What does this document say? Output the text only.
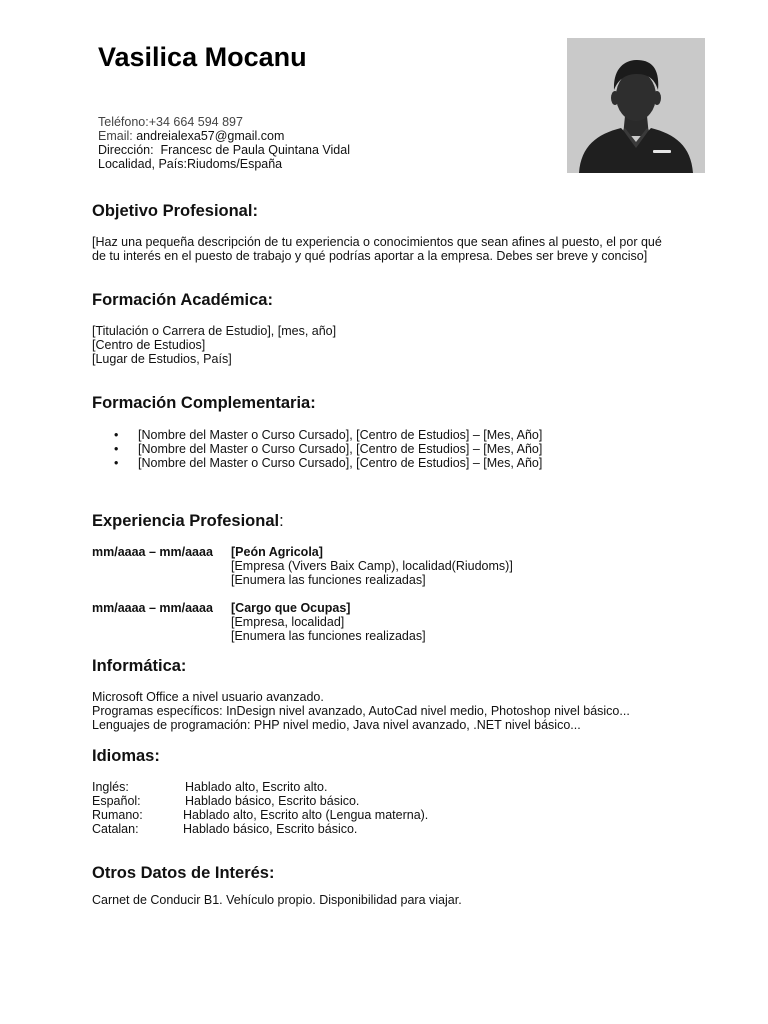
Vasilica Mocanu
Teléfono:+34 664 594 897
Email: andreialexa57@gmail.com
Dirección:  Francesc de Paula Quintana Vidal
Localidad, País:Riudoms/España
Objetivo Profesional:
[Haz una pequeña descripción de tu experiencia o conocimientos que sean afines al puesto, el por qué
de tu interés en el puesto de trabajo y qué podrías aportar a la empresa. Debes ser breve y conciso]
Formación Académica:
[Titulación o Carrera de Estudio], [mes, año]
[Centro de Estudios]
[Lugar de Estudios, País]
Formación Complementaria:
• [Nombre del Master o Curso Cursado], [Centro de Estudios] – [Mes, Año]
• [Nombre del Master o Curso Cursado], [Centro de Estudios] – [Mes, Año]
• [Nombre del Master o Curso Cursado], [Centro de Estudios] – [Mes, Año]
Experiencia Profesional:
mm/aaaa – mm/aaaa [Peón Agricola]
[Empresa (Vivers Baix Camp), localidad(Riudoms)]
[Enumera las funciones realizadas]
mm/aaaa – mm/aaaa [Cargo que Ocupas]
[Empresa, localidad]
[Enumera las funciones realizadas]
Informática:
Microsoft Office a nivel usuario avanzado.
Programas específicos: InDesign nivel avanzado, AutoCad nivel medio, Photoshop nivel básico...
Lenguajes de programación: PHP nivel medio, Java nivel avanzado, .NET nivel básico...
Idiomas:
Inglés:	Hablado alto, Escrito alto.
Español:	Hablado básico, Escrito básico.
Rumano:	Hablado alto, Escrito alto (Lengua materna).
Catalan:	Hablado básico, Escrito básico.
Otros Datos de Interés:
Carnet de Conducir B1. Vehículo propio. Disponibilidad para viajar.
